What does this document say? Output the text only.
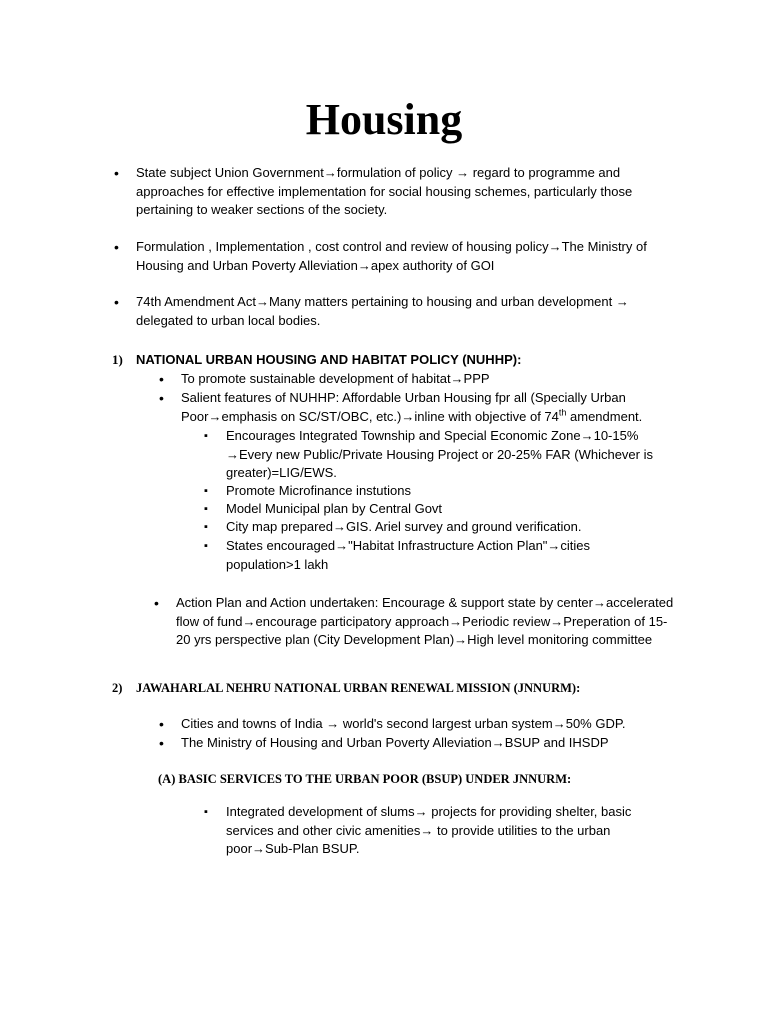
Housing
• State subject Union Government→formulation of policy → regard to programme and approaches for effective implementation for social housing schemes, particularly those pertaining to weaker sections of the society.
• Formulation , Implementation , cost control and review of housing policy→The Ministry of Housing and Urban Poverty Alleviation→apex authority of GOI
• 74th Amendment Act→Many matters pertaining to housing and urban development → delegated to urban local bodies.
1) NATIONAL URBAN HOUSING AND HABITAT POLICY (NUHHP):
• To promote sustainable development of habitat→PPP
• Salient features of NUHHP: Affordable Urban Housing fpr all (Specially Urban Poor→emphasis on SC/ST/OBC, etc.)→inline with objective of 74th amendment.
▪ Encourages Integrated Township and Special Economic Zone→10-15% →Every new Public/Private Housing Project or 20-25% FAR (Whichever is greater)=LIG/EWS.
▪ Promote Microfinance instutions
▪ Model Municipal plan by Central Govt
▪ City map prepared→GIS. Ariel survey and ground verification.
▪ States encouraged→"Habitat Infrastructure Action Plan"→cities population>1 lakh
• Action Plan and Action undertaken: Encourage & support state by center→accelerated flow of fund→encourage participatory approach→Periodic review→Preperation of 15-20 yrs perspective plan (City Development Plan)→High level monitoring committee
2) JAWAHARLAL NEHRU NATIONAL URBAN RENEWAL MISSION (JNNURM):
• Cities and towns of India → world's second largest urban system→50% GDP.
• The Ministry of Housing and Urban Poverty Alleviation→BSUP and IHSDP
(A) BASIC SERVICES TO THE URBAN POOR (BSUP) UNDER JNNURM:
▪ Integrated development of slums→ projects for providing shelter, basic services and other civic amenities→ to provide utilities to the urban poor→Sub-Plan BSUP.
